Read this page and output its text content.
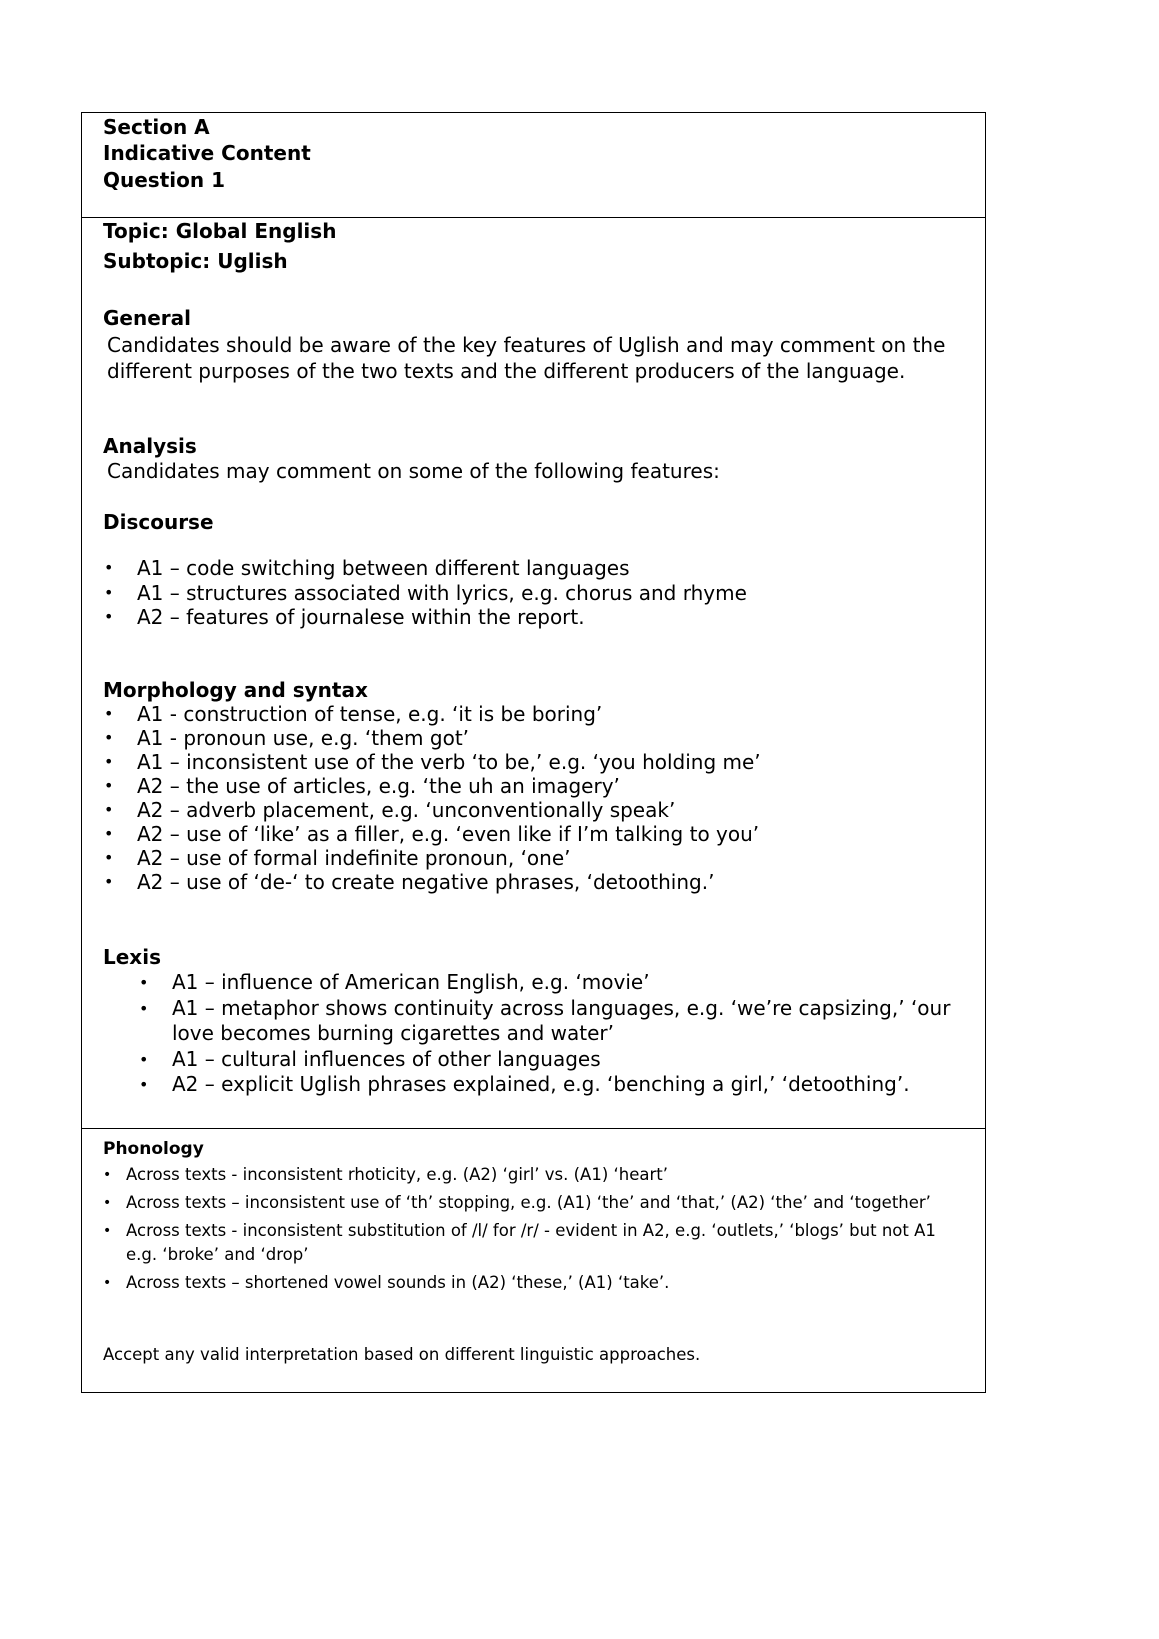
Section A
Indicative Content
Question 1
Topic: Global English
Subtopic: Uglish
General
Candidates should be aware of the key features of Uglish and may comment on the different purposes of the two texts and the different producers of the language.
Analysis
Candidates may comment on some of the following features:
Discourse
• A1 – code switching between different languages
• A1 – structures associated with lyrics, e.g. chorus and rhyme
• A2 – features of journalese within the report.
Morphology and syntax
• A1 - construction of tense, e.g. ‘it is be boring’
• A1 - pronoun use, e.g. ‘them got’
• A1 – inconsistent use of the verb ‘to be,’ e.g. ‘you holding me’
• A2 – the use of articles, e.g. ‘the uh an imagery’
• A2 – adverb placement, e.g. ‘unconventionally speak’
• A2 – use of ‘like’ as a filler, e.g. ‘even like if I’m talking to you’
• A2 – use of formal indefinite pronoun, ‘one’
• A2 – use of ‘de-‘ to create negative phrases, ‘detoothing.’
Lexis
• A1 – influence of American English, e.g. ‘movie’
• A1 – metaphor shows continuity across languages, e.g. ‘we’re capsizing,’ ‘our love becomes burning cigarettes and water’
• A1 – cultural influences of other languages
• A2 – explicit Uglish phrases explained, e.g. ‘benching a girl,’ ‘detoothing’.
Phonology
• Across texts - inconsistent rhoticity, e.g. (A2) ‘girl’ vs. (A1) ‘heart’
• Across texts – inconsistent use of ‘th’ stopping, e.g. (A1) ‘the’ and ‘that,’ (A2) ‘the’ and ‘together’
• Across texts - inconsistent substitution of /l/ for /r/ - evident in A2, e.g. ‘outlets,’ ‘blogs’ but not A1 e.g. ‘broke’ and ‘drop’
• Across texts – shortened vowel sounds in (A2) ‘these,’ (A1) ‘take’.
Accept any valid interpretation based on different linguistic approaches.
